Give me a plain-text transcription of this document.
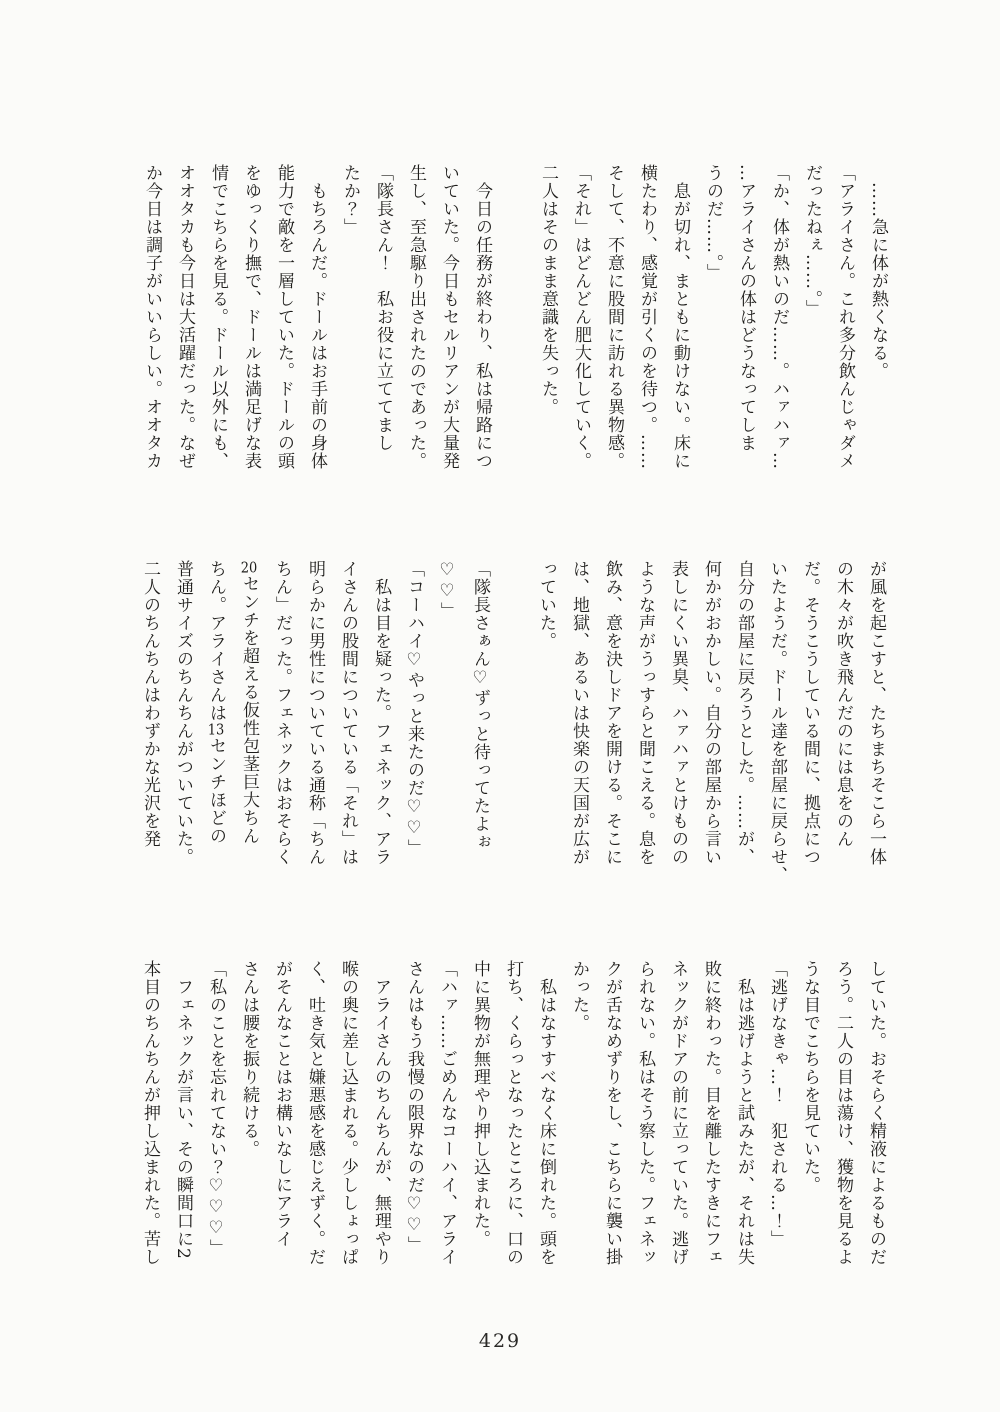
　……急に体が熱くなる。
「アライさん。これ多分飲んじゃダメ
だったねぇ……。」
「か、体が熱いのだ……。ハァハァ…
…アライさんの体はどうなってしま
うのだ……。」
　息が切れ、まともに動けない。床に
横たわり、感覚が引くのを待つ。……
そして、不意に股間に訪れる異物感。
「それ」はどんどん肥大化していく。
二人はそのまま意識を失った。

　今日の任務が終わり、私は帰路につ
いていた。今日もセルリアンが大量発
生し、至急駆り出されたのであった。
「隊長さん！　私お役に立ててまし
たか？」
　もちろんだ。ドールはお手前の身体
能力で敵を一層していた。ドールの頭
をゆっくり撫で、ドールは満足げな表
情でこちらを見る。ドール以外にも、
オオタカも今日は大活躍だった。なぜ
か今日は調子がいいらしい。オオタカ
が風を起こすと、たちまちそこら一体
の木々が吹き飛んだのには息をのん
だ。そうこうしている間に、拠点につ
いたようだ。ドール達を部屋に戻らせ、
自分の部屋に戻ろうとした。……が、
何かがおかしい。自分の部屋から言い
表しにくい異臭、ハァハァとけものの
ような声がうっすらと聞こえる。息を
飲み、意を決しドアを開ける。そこに
は、地獄、あるいは快楽の天国が広が
っていた。

「隊長さぁん♡ずっと待ってたよぉ
♡♡」
「コーハイ♡やっと来たのだ♡♡」
　私は目を疑った。フェネック、アラ
イさんの股間についている「それ」は
明らかに男性についている通称「ちん
ちん」だった。フェネックはおそらく
20センチを超える仮性包茎巨大ちん
ちん。アライさんは13センチほどの
普通サイズのちんちんがついていた。
二人のちんちんはわずかな光沢を発
していた。おそらく精液によるものだ
ろう。二人の目は蕩け、獲物を見るよ
うな目でこちらを見ていた。
「逃げなきゃ…！　犯される…！」
　私は逃げようと試みたが、それは失
敗に終わった。目を離したすきにフェ
ネックがドアの前に立っていた。逃げ
られない。私はそう察した。フェネッ
クが舌なめずりをし、こちらに襲い掛
かった。
　私はなすすべなく床に倒れた。頭を
打ち、くらっとなったところに、口の
中に異物が無理やり押し込まれた。
「ハァ……ごめんなコーハイ、アライ
さんはもう我慢の限界なのだ♡♡」
　アライさんのちんちんが、無理やり
喉の奥に差し込まれる。少ししょっぱ
く、吐き気と嫌悪感を感じえずく。だ
がそんなことはお構いなしにアライ
さんは腰を振り続ける。
「私のことを忘れてない？♡♡♡」
　フェネックが言い、その瞬間口に2
本目のちんちんが押し込まれた。苦し
429
